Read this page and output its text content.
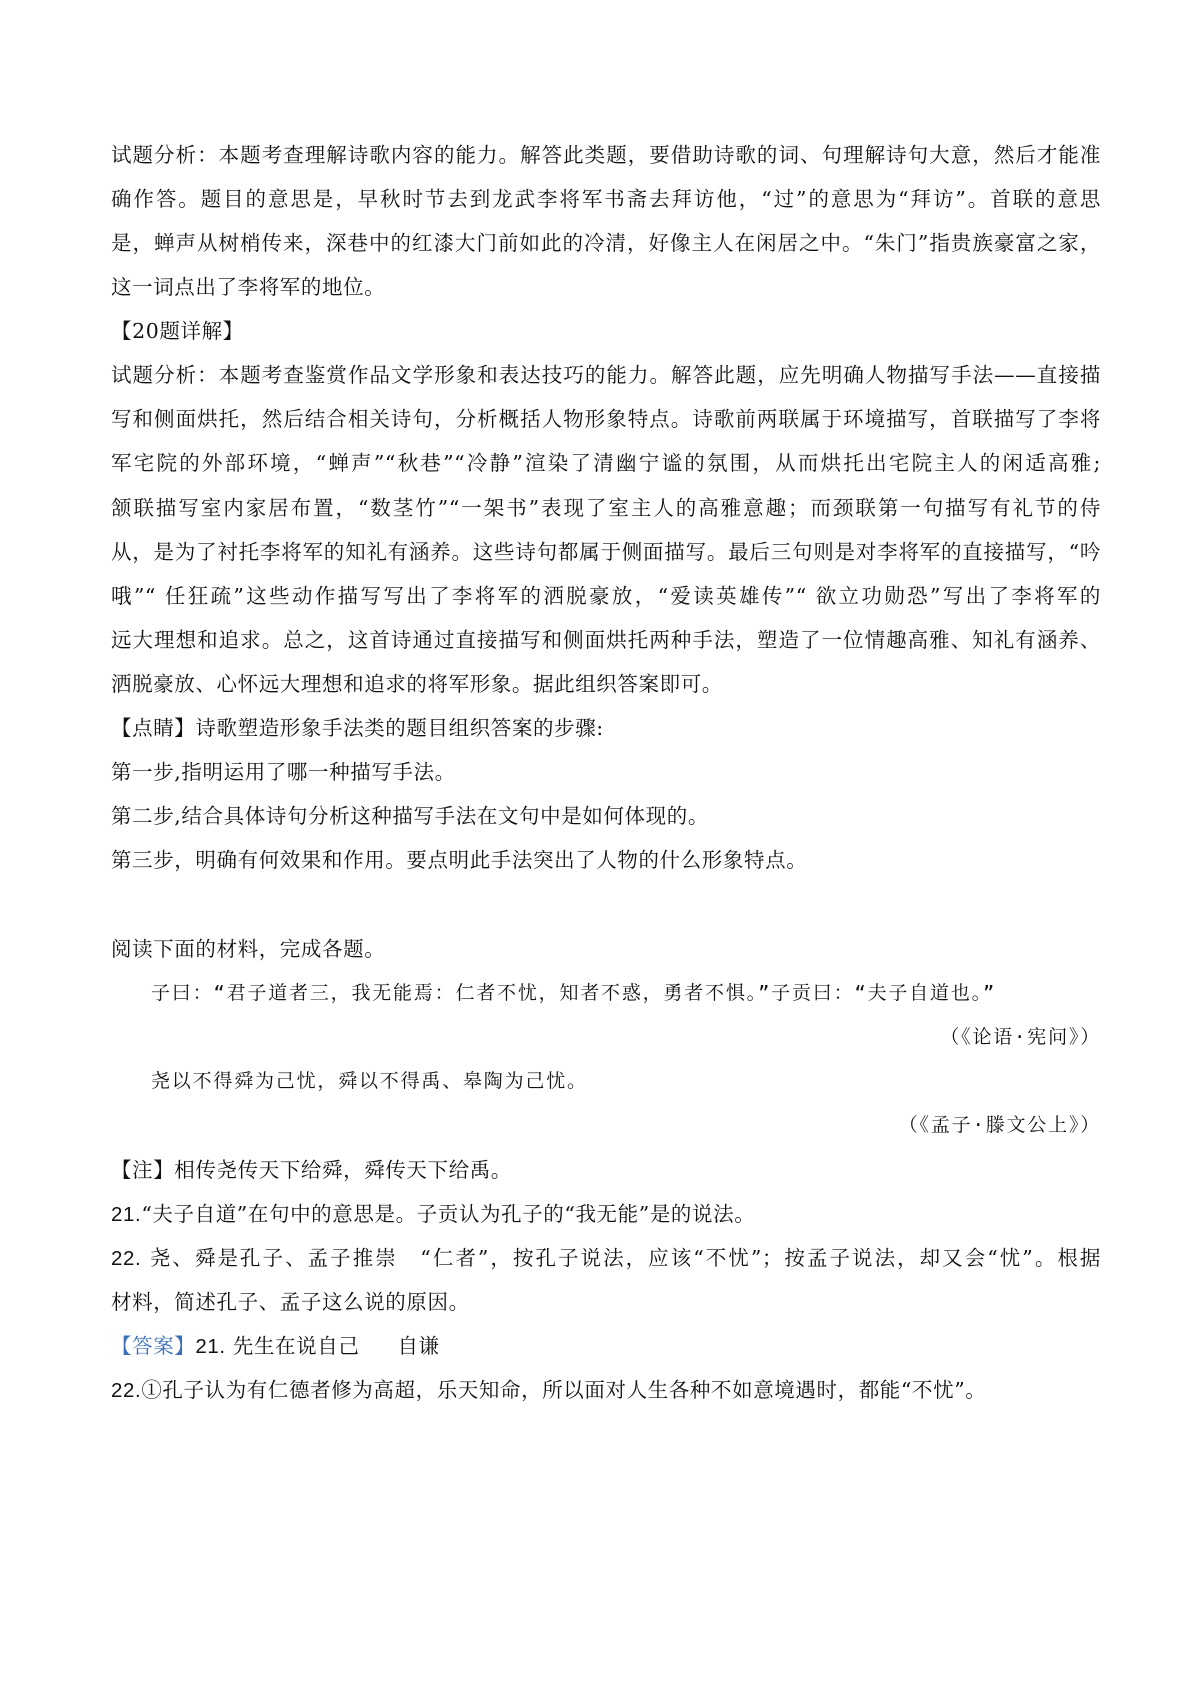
试题分析：本题考查理解诗歌内容的能力。解答此类题，要借助诗歌的词、句理解诗句大意，然后才能准
确作答。题目的意思是，早秋时节去到龙武李将军书斋去拜访他，“过”的意思为“拜访”。首联的意思
是，蝉声从树梢传来，深巷中的红漆大门前如此的冷清，好像主人在闲居之中。“朱门”指贵族豪富之家，
这一词点出了李将军的地位。
【20题详解】
试题分析：本题考查鉴赏作品文学形象和表达技巧的能力。解答此题，应先明确人物描写手法——直接描
写和侧面烘托，然后结合相关诗句，分析概括人物形象特点。诗歌前两联属于环境描写，首联描写了李将
军宅院的外部环境，“蝉声”“秋巷”“冷静”渲染了清幽宁谧的氛围，从而烘托出宅院主人的闲适高雅;
颔联描写室内家居布置，“数茎竹”“一架书”表现了室主人的高雅意趣；而颈联第一句描写有礼节的侍
从，是为了衬托李将军的知礼有涵养。这些诗句都属于侧面描写。最后三句则是对李将军的直接描写，“吟
哦”“ 任狂疏”这些动作描写写出了李将军的洒脱豪放，“爱读英雄传”“ 欲立功勋恐”写出了李将军的
远大理想和追求。总之，这首诗通过直接描写和侧面烘托两种手法，塑造了一位情趣高雅、知礼有涵养、
洒脱豪放、心怀远大理想和追求的将军形象。据此组织答案即可。
【点睛】诗歌塑造形象手法类的题目组织答案的步骤:
第一步,指明运用了哪一种描写手法。
第二步,结合具体诗句分析这种描写手法在文句中是如何体现的。
第三步，明确有何效果和作用。要点明此手法突出了人物的什么形象特点。
阅读下面的材料，完成各题。
子曰：“君子道者三，我无能焉：仁者不忧，知者不惑，勇者不惧。”子贡曰：“夫子自道也。”
（《论语·宪问》）
尧以不得舜为己忧，舜以不得禹、皋陶为己忧。
（《孟子·滕文公上》）
【注】相传尧传天下给舜，舜传天下给禹。
21.“夫子自道”在句中的意思是。子贡认为孔子的“我无能”是的说法。
22. 尧、舜是孔子、孟子推崇　“仁者”，按孔子说法，应该“不忧”；按孟子说法，却又会“忧”。根据
材料，简述孔子、孟子这么说的原因。
【答案】21. 先生在说自己 自谦
22.①孔子认为有仁德者修为高超，乐天知命，所以面对人生各种不如意境遇时，都能“不忧”。
